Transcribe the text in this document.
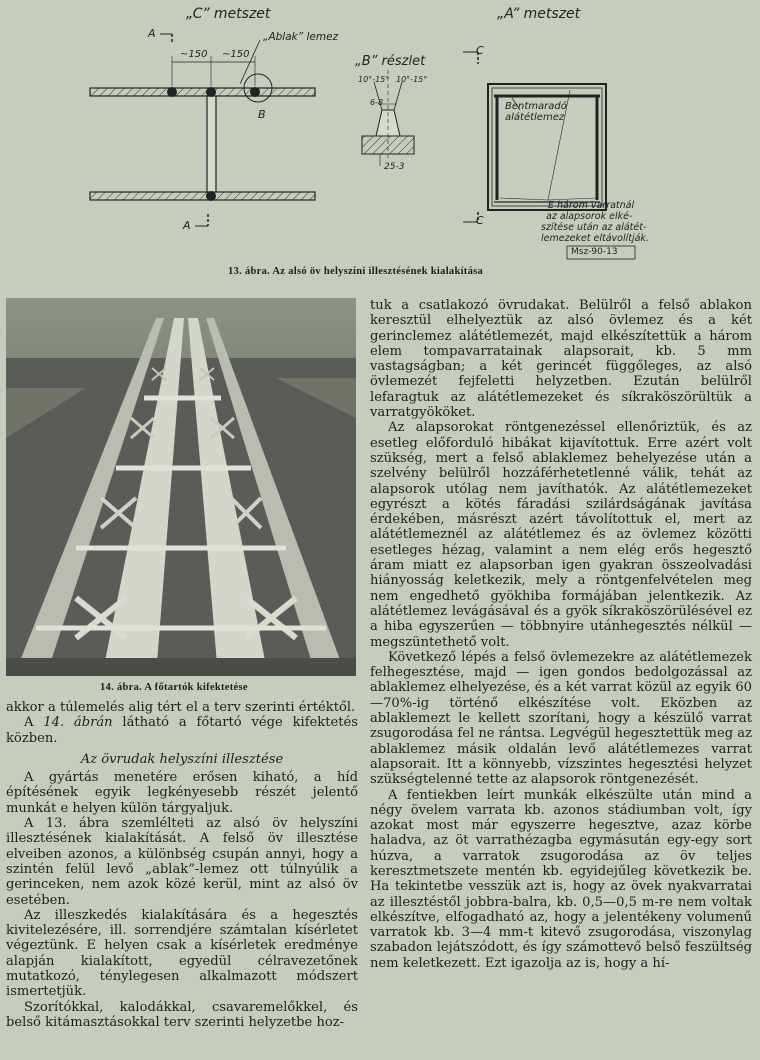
„C” metszet
„Ablak” lemez
~150 ~150
A
A
B
„B” részlet
10°-15° 10°-15°
6-8
25-3
„A” metszet
C
C
Bentmaradó
alátétlemez
E három varratnál
az alapsorok elké-
szítése után az alátét-
lemezeket eltávolítják.
Msz-90-13
13. ábra. Az alsó öv helyszíni illesztésének kialakítása
14. ábra. A főtartók kifektetése

akkor a túlemelés alig tért el a terv szerinti értéktől.

A 14. ábrán látható a főtartó vége kifektetés közben.

Az övrudak helyszíni illesztése

A gyártás menetére erősen kiható, a híd építésének egyik legkényesebb részét jelentő munkát e helyen külön tárgyaljuk.

A 13. ábra szemlélteti az alsó öv helyszíni illesztésének kialakítását. A felső öv illesztése elveiben azonos, a különbség csupán annyi, hogy a szintén felül levő „ablak”-lemez ott túlnyúlik a gerinceken, nem azok közé kerül, mint az alsó öv esetében.

Az illeszkedés kialakítására és a hegesztés kivitelezésére, ill. sorrendjére számtalan kísérletet végeztünk. E helyen csak a kísérletek eredménye alapján kialakított, egyedül célravezetőnek mutatkozó, ténylegesen alkalmazott módszert ismertetjük.

Szorítókkal, kalodákkal, csavaremelőkkel, és belső kitámasztásokkal terv szerinti helyzetbe hoz-

tuk a csatlakozó övrudakat. Belülről a felső ablakon keresztül elhelyeztük az alsó övlemez és a két gerinclemez alátétlemezét, majd elkészítettük a három elem tompavarratainak alapsorait, kb. 5 mm vastagságban; a két gerincét függőleges, az alsó övlemezét fejfeletti helyzetben. Ezután belülről lefaragtuk az alátétlemezeket és síkraköszörültük a varratgyököket.

Az alapsorokat röntgenezéssel ellenőriztük, és az esetleg előforduló hibákat kijavítottuk. Erre azért volt szükség, mert a felső ablaklemez behelyezése után a szelvény belülről hozzáférhetetlenné válik, tehát az alapsorok utólag nem javíthatók. Az alátétlemezeket egyrészt a kötés fáradási szilárdságának javítása érdekében, másrészt azért távolítottuk el, mert az alátétlemeznél az alátétlemez és az övlemez közötti esetleges hézag, valamint a nem elég erős hegesztő áram miatt ez alapsorban igen gyakran összeolvadási hiányosság keletkezik, mely a röntgenfelvételen meg nem engedhető gyökhiba formájában jelentkezik. Az alátétlemez levágásával és a gyök síkraköszörülésével ez a hiba egyszerűen — többnyire utánhegesztés nélkül — megszüntethető volt.

Következő lépés a felső övlemezekre az alátétlemezek felhegesztése, majd — igen gondos bedolgozással az ablaklemez elhelyezése, és a két varrat közül az egyik 60—70%-ig történő elkészítése volt. Eközben az ablaklemezt le kellett szorítani, hogy a készülő varrat zsugorodása fel ne rántsa. Legvégül hegesztettük meg az ablaklemez másik oldalán levő alátétlemezes varrat alapsorait. Itt a könnyebb, vízszintes hegesztési helyzet szükségtelenné tette az alapsorok röntgenezését.

A fentiekben leírt munkák elkészülte után mind a négy övelem varrata kb. azonos stádiumban volt, így azokat most már egyszerre hegesztve, azaz körbe haladva, az öt varrathézagba egymásután egy-egy sort húzva, a varratok zsugorodása az öv teljes keresztmetszete mentén kb. egyidejűleg következik be. Ha tekintetbe vesszük azt is, hogy az övek nyakvarratai az illesztéstől jobbra-balra, kb. 0,5—0,5 m-re nem voltak elkészítve, elfogadható az, hogy a jelentékeny volumenű varratok kb. 3—4 mm-t kitevő zsugorodása, viszonylag szabadon lejátszódott, és így számottevő belső feszültség nem keletkezett. Ezt igazolja az is, hogy a hí-
